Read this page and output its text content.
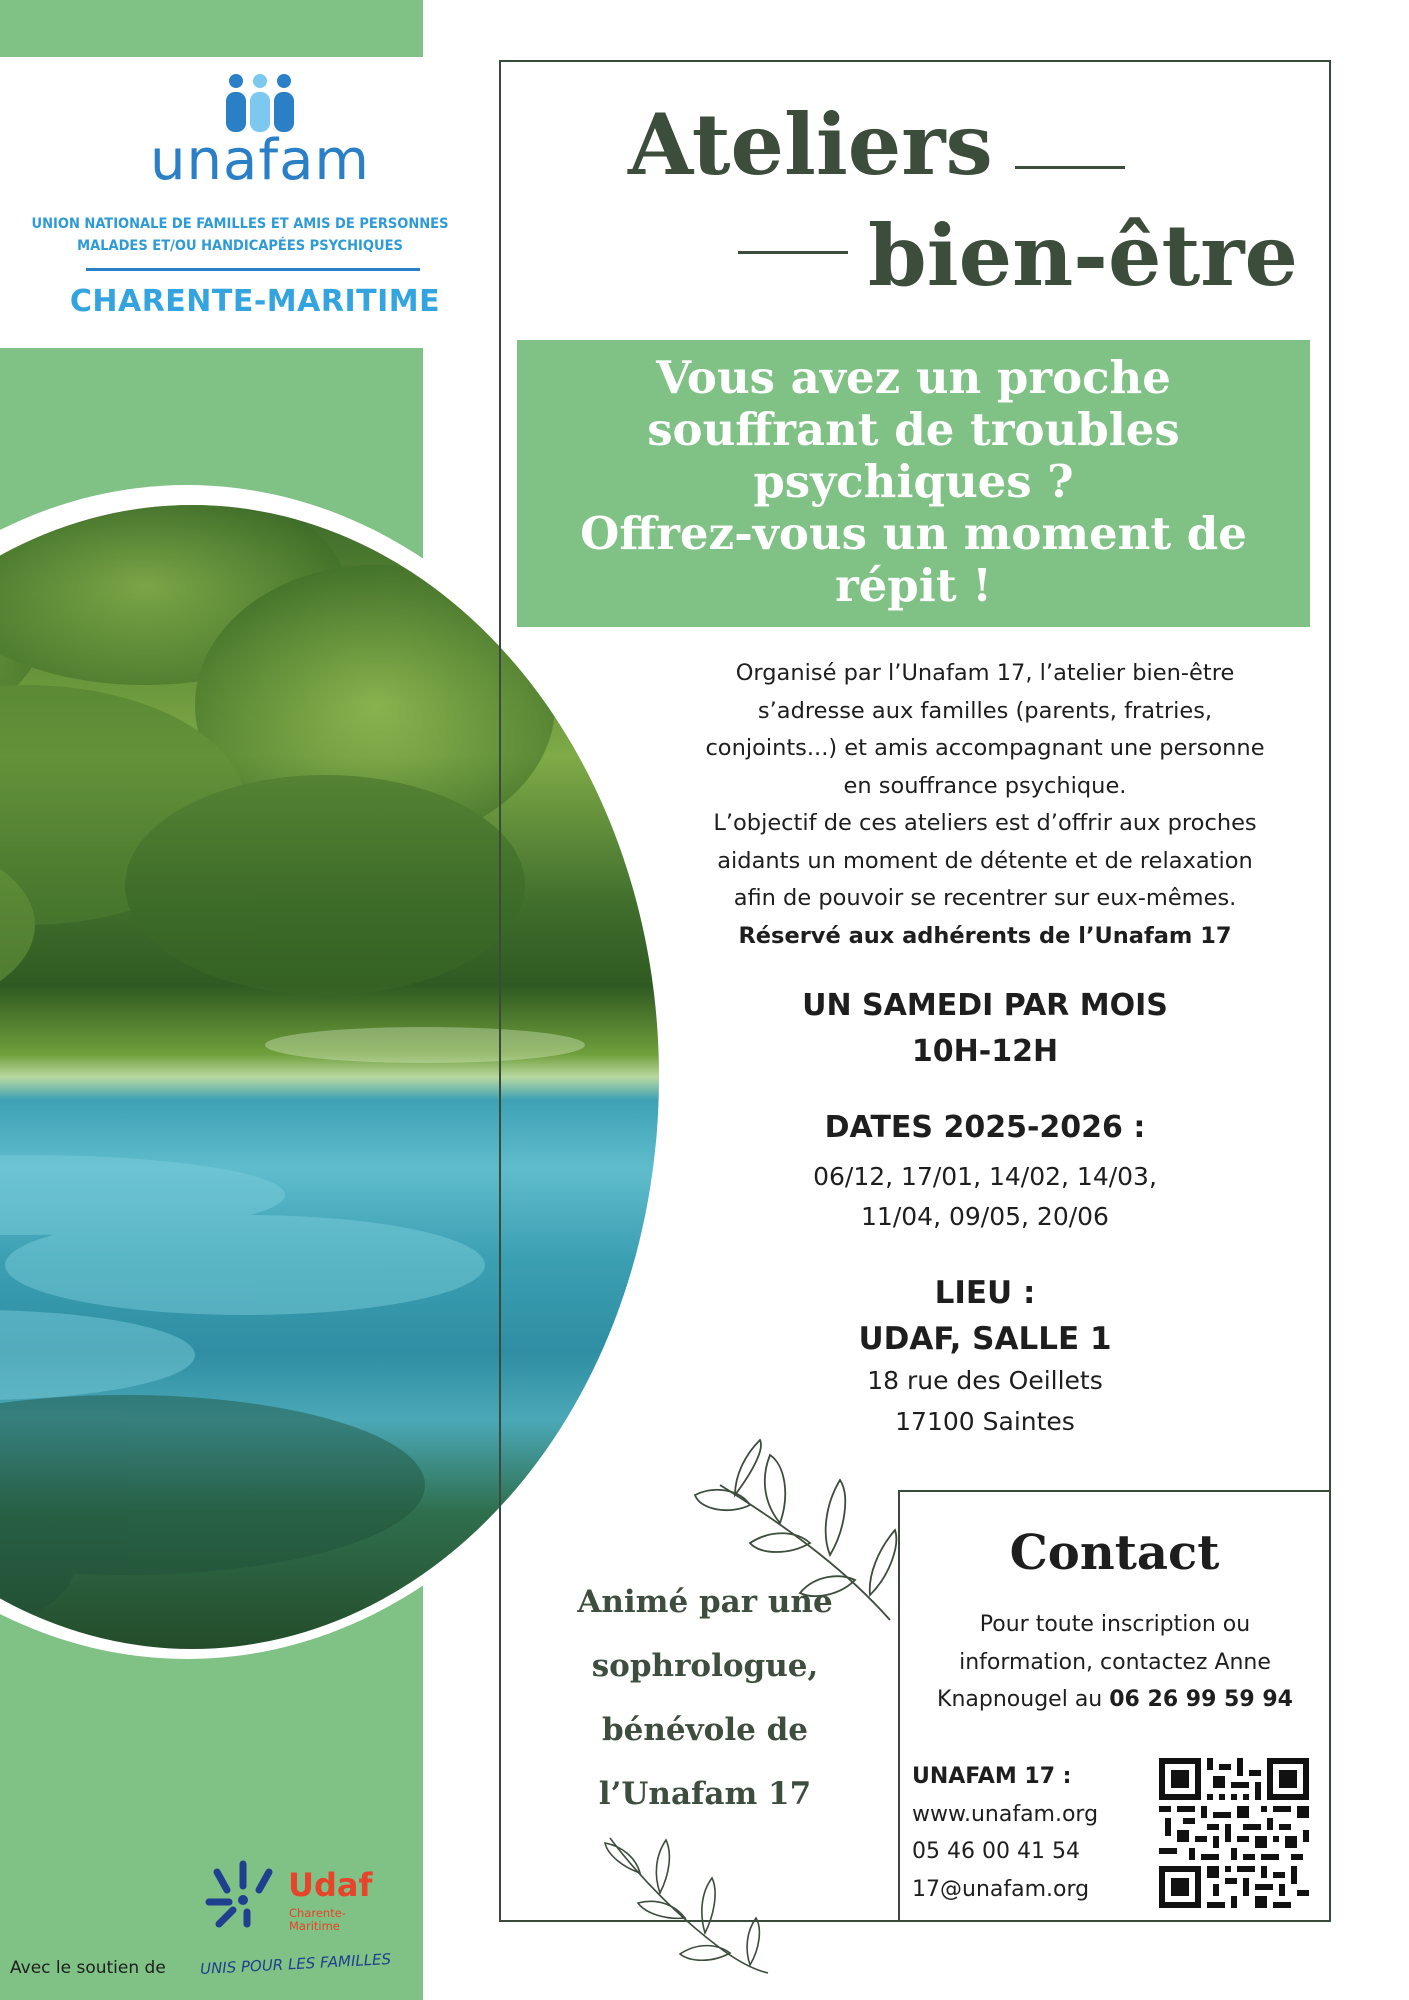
unafam
UNION NATIONALE DE FAMILLES ET AMIS DE PERSONNES
MALADES ET/OU HANDICAPÉES PSYCHIQUES
CHARENTE-MARITIME
Udaf
Charente-
Maritime
Avec le soutien de UNIS POUR LES FAMILLES
Ateliers
bien-être
Vous avez un proche
souffrant de troubles
psychiques ?
Offrez-vous un moment de
répit !
Organisé par l’Unafam 17, l’atelier bien-être
s’adresse aux familles (parents, fratries,
conjoints...) et amis accompagnant une personne
en souffrance psychique.
L’objectif de ces ateliers est d’offrir aux proches
aidants un moment de détente et de relaxation
afin de pouvoir se recentrer sur eux-mêmes.
Réservé aux adhérents de l’Unafam 17
UN SAMEDI PAR MOIS
10H-12H
DATES 2025-2026 :
06/12, 17/01, 14/02, 14/03,
11/04, 09/05, 20/06
LIEU :
UDAF, SALLE 1
18 rue des Oeillets
17100 Saintes
Animé par une
sophrologue,
bénévole de
l’Unafam 17
Contact
Pour toute inscription ou
information, contactez Anne
Knapnougel au 06 26 99 59 94
UNAFAM 17 :
www.unafam.org
05 46 00 41 54
17@unafam.org
